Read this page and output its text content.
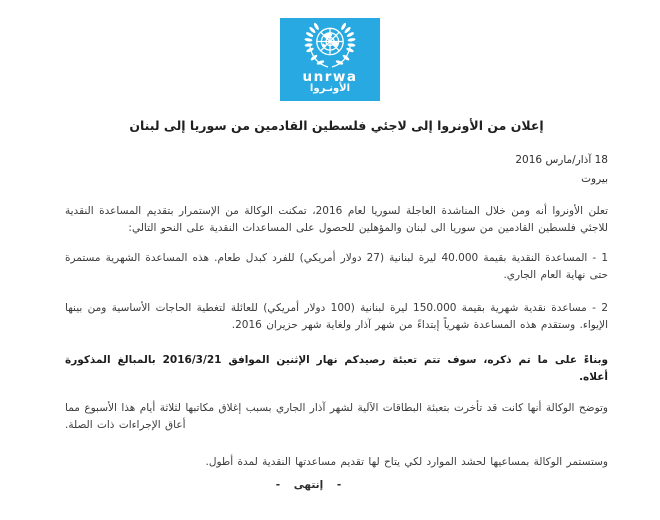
unrwa
الأونـروا
إعلان من الأونروا إلى لاجئي فلسطين القادمين من سوريا إلى لبنان
18 آذار/مارس 2016
بيروت

تعلن الأونروا أنه ومن خلال المناشدة العاجلة لسوريا لعام 2016، تمكنت الوكالة من الإستمرار بتقديم المساعدة النقدية للاجئي فلسطين القادمين من سوريا الى لبنان والمؤهلين للحصول على المساعدات النقدية على النحو التالي:

1 - المساعدة النقدية بقيمة 40.000 ليرة لبنانية (27 دولار أمريكي) للفرد كبدل طعام. هذه المساعدة الشهرية مستمرة حتى نهاية العام الجاري.

2 - مساعدة نقدية شهرية بقيمة 150.000 ليرة لبنانية (100 دولار أمريكي) للعائلة لتغطية الحاجات الأساسية ومن بينها الإيواء. وستقدم هذه المساعدة شهرياً إبتداءً من شهر آذار ولغاية شهر حزيران 2016.

وبناءً على ما تم ذكره، سوف تتم تعبئة رصيدكم نهار الإثنين الموافق 2016/3/21 بالمبالغ المذكورة أعلاه.

وتوضح الوكالة أنها كانت قد تأخرت بتعبئة البطاقات الآلية لشهر آذار الجاري بسبب إغلاق مكاتبها لثلاثة أيام هذا الأسبوع مما أعاق الإجراءات ذات الصلة.

وستستمر الوكالة بمساعيها لحشد الموارد لكي يتاح لها تقديم مساعدتها النقدية لمدة أطول.

- إنتهى -
